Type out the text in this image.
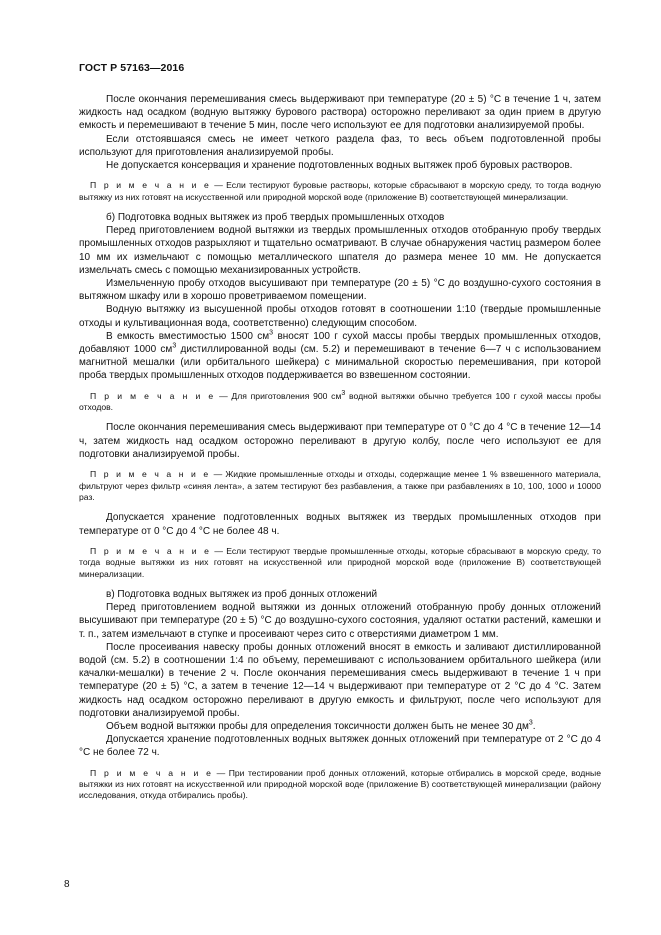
ГОСТ Р 57163—2016

После окончания перемешивания смесь выдерживают при температуре (20 ± 5) °С в течение 1 ч, затем жидкость над осадком (водную вытяжку бурового раствора) осторожно переливают за один прием в другую емкость и перемешивают в течение 5 мин, после чего используют ее для подготовки анализируемой пробы.

Если отстоявшаяся смесь не имеет четкого раздела фаз, то весь объем подготовленной пробы используют для приготовления анализируемой пробы.

Не допускается консервация и хранение подготовленных водных вытяжек проб буровых растворов.

П р и м е ч а н и е — Если тестируют буровые растворы, которые сбрасывают в морскую среду, то тогда водную вытяжку из них готовят на искусственной или природной морской воде (приложение В) соответствующей минерализации.

б) Подготовка водных вытяжек из проб твердых промышленных отходов

Перед приготовлением водной вытяжки из твердых промышленных отходов отобранную пробу твердых промышленных отходов разрыхляют и тщательно осматривают. В случае обнаружения частиц размером более 10 мм их измельчают с помощью металлического шпателя до размера менее 10 мм. Не допускается измельчать смесь с помощью механизированных устройств.

Измельченную пробу отходов высушивают при температуре (20 ± 5) °С до воздушно-сухого состояния в вытяжном шкафу или в хорошо проветриваемом помещении.

Водную вытяжку из высушенной пробы отходов готовят в соотношении 1:10 (твердые промышленные отходы и культивационная вода, соответственно) следующим способом.

В емкость вместимостью 1500 $см^3$ вносят 100 г сухой массы пробы твердых промышленных отходов, добавляют 1000 $см^3$ дистиллированной воды (см. 5.2) и перемешивают в течение 6—7 ч с использованием магнитной мешалки (или орбитального шейкера) с минимальной скоростью перемешивания, при которой проба твердых промышленных отходов поддерживается во взвешенном состоянии.

П р и м е ч а н и е — Для приготовления 900 $см^3$ водной вытяжки обычно требуется 100 г сухой массы пробы отходов.

После окончания перемешивания смесь выдерживают при температуре от 0 °С до 4 °С в течение 12—14 ч, затем жидкость над осадком осторожно переливают в другую колбу, после чего используют ее для подготовки анализируемой пробы.

П р и м е ч а н и е — Жидкие промышленные отходы и отходы, содержащие менее 1 % взвешенного материала, фильтруют через фильтр «синяя лента», а затем тестируют без разбавления, а также при разбавлениях в 10, 100, 1000 и 10000 раз.

Допускается хранение подготовленных водных вытяжек из твердых промышленных отходов при температуре от 0 °С до 4 °С не более 48 ч.

П р и м е ч а н и е — Если тестируют твердые промышленные отходы, которые сбрасывают в морскую среду, то тогда водные вытяжки из них готовят на искусственной или природной морской воде (приложение В) соответствующей минерализации.

в) Подготовка водных вытяжек из проб донных отложений

Перед приготовлением водной вытяжки из донных отложений отобранную пробу донных отложений высушивают при температуре (20 ± 5) °С до воздушно-сухого состояния, удаляют остатки растений, камешки и т. п., затем измельчают в ступке и просеивают через сито с отверстиями диаметром 1 мм.

После просеивания навеску пробы донных отложений вносят в емкость и заливают дистиллированной водой (см. 5.2) в соотношении 1:4 по объему, перемешивают с использованием орбитального шейкера (или качалки-мешалки) в течение 2 ч. После окончания перемешивания смесь выдерживают в течение 1 ч при температуре (20 ± 5) °С, а затем в течение 12—14 ч выдерживают при температуре от 2 °С до 4 °С. Затем жидкость над осадком осторожно переливают в другую емкость и фильтруют, после чего используют для подготовки анализируемой пробы.

Объем водной вытяжки пробы для определения токсичности должен быть не менее 30 $дм^3$.

Допускается хранение подготовленных водных вытяжек донных отложений при температуре от 2 °С до 4 °С не более 72 ч.

П р и м е ч а н и е — При тестировании проб донных отложений, которые отбирались в морской среде, водные вытяжки из них готовят на искусственной или природной морской воде (приложение В) соответствующей минерализации (району исследования, откуда отбирались пробы).

8
